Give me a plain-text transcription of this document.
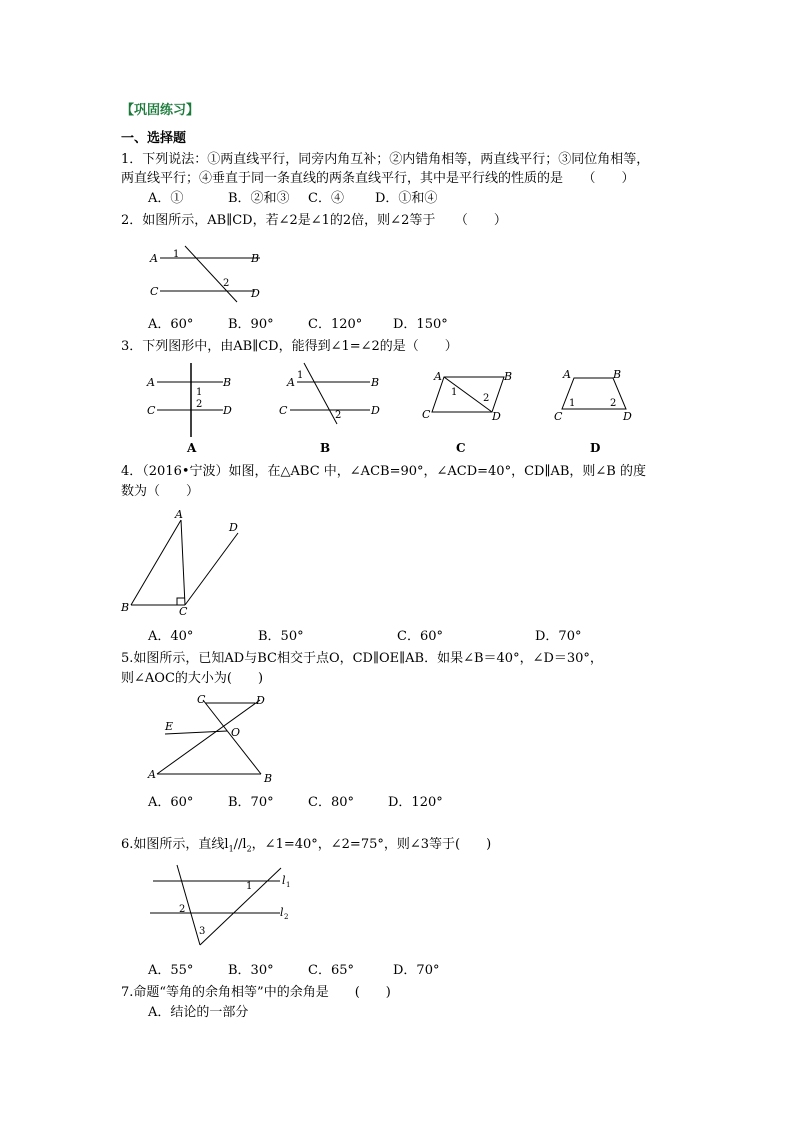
【巩固练习】
一、选择题
1．下列说法：①两直线平行，同旁内角互补；②内错角相等，两直线平行；③同位角相等，
两直线平行；④垂直于同一条直线的两条直线平行，其中是平行线的性质的是　　（　　）
A．①	B．②和③ C．④ D．①和④
2．如图所示，AB∥CD，若∠2是∠1的2倍，则∠2等于　　（　　）
A	B
C	D
1
2
A．60°	B．90°	C．120° D．150°
3．下列图形中，由AB∥CD，能得到∠1=∠2的是（　　）
A	B
C	D
1
2
A
A	B
C	D
1
2
B
A	B
C	D
1
2
C
A	B
C	D
1	2
D
4．（2016•宁波）如图，在△ABC 中，∠ACB=90°，∠ACD=40°，CD∥AB，则∠B 的度
数为（　　）
A
B	C
D
A．40°	B．50°	C．60°	D．70°
5.如图所示，已知AD与BC相交于点O，CD∥OE∥AB．如果∠B＝40°，∠D＝30°，
则∠AOC的大小为(　　)
C	D
E	O
A	B
A．60°	B．70°	C．80°	D．120°
6.如图所示，直线$l_1//l_2$，∠1=40°，∠2=75°，则∠3等于(　　)
l 1
l 2
1
2
3
A．55°	B．30°	C．65°	D．70°
7.命题“等角的余角相等”中的余角是　　(　　)
A．结论的一部分
